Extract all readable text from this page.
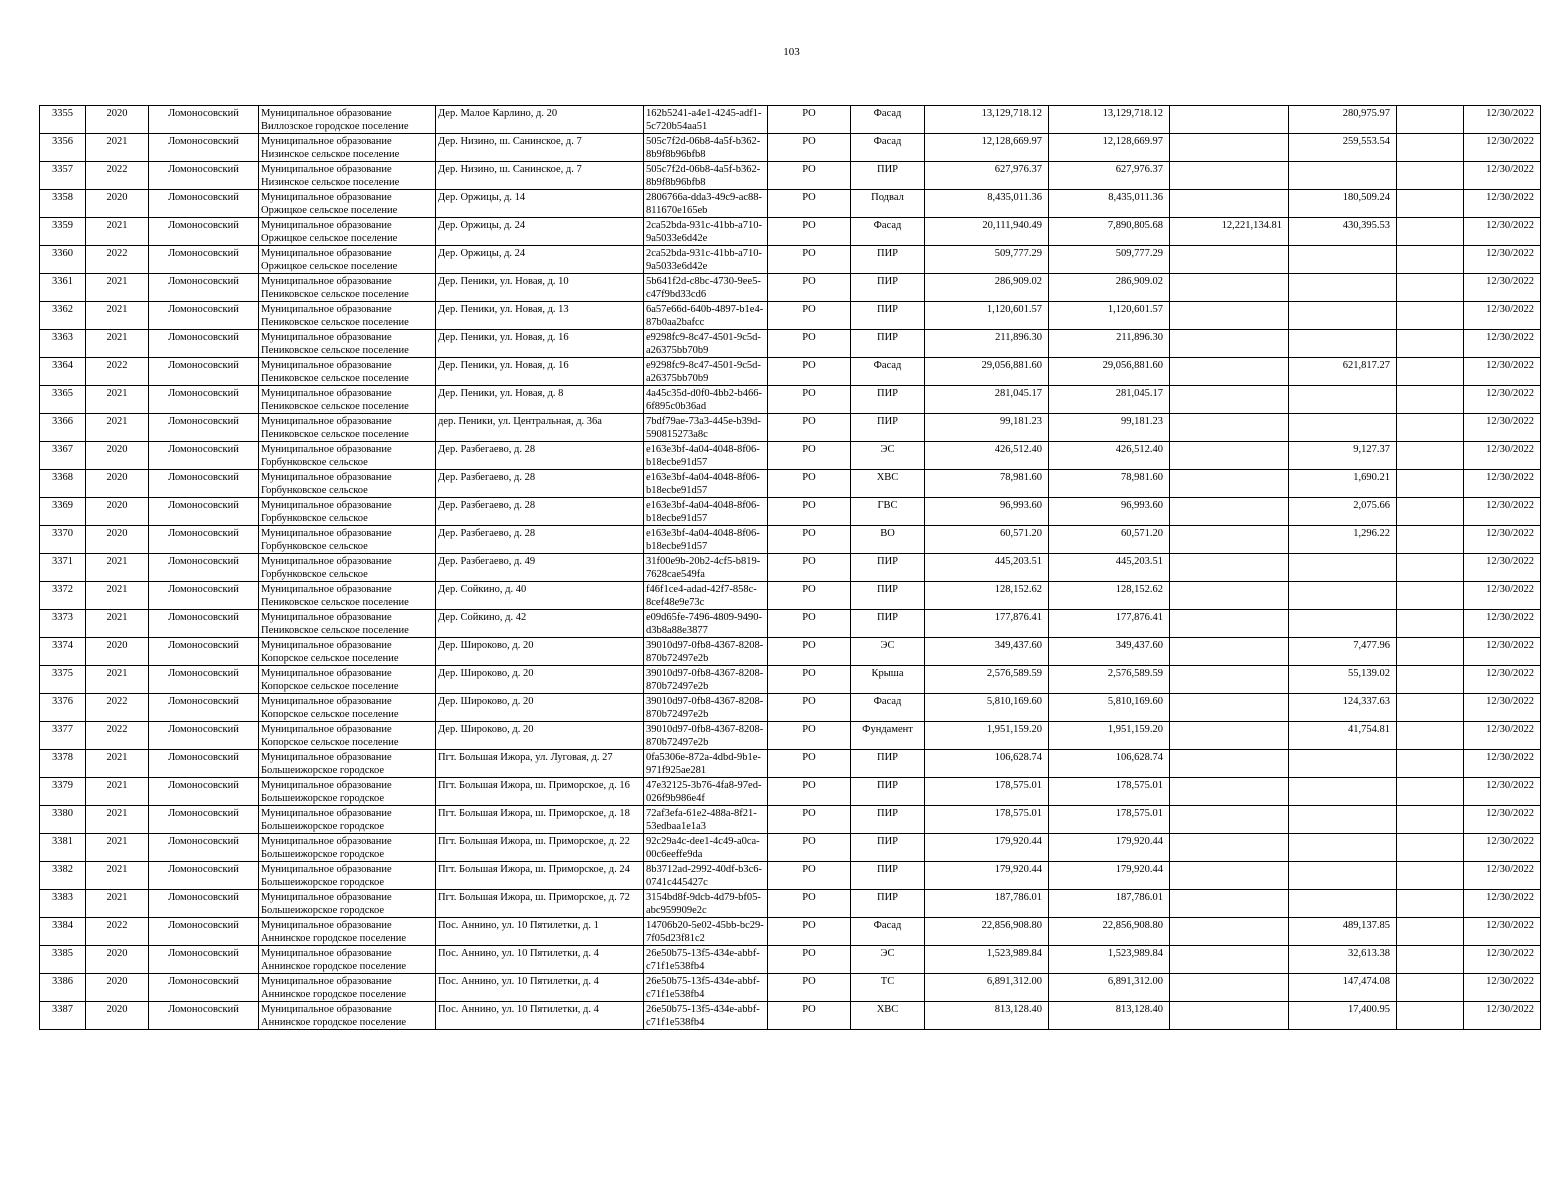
103
3355	2020	Ломоносовский	Муниципальное образование Виллозское городское поселение	Дер. Малое Карлино, д. 20	162b5241-a4e1-4245-adf1-5c720b54aa51	РО	Фасад	13,129,718.12	13,129,718.12		280,975.97		12/30/2022
3356	2021	Ломоносовский	Муниципальное образование Низинское сельское поселение	Дер. Низино, ш. Санинское, д. 7	505c7f2d-06b8-4a5f-b362-8b9f8b96bfb8	РО	Фасад	12,128,669.97	12,128,669.97		259,553.54		12/30/2022
3357	2022	Ломоносовский	Муниципальное образование Низинское сельское поселение	Дер. Низино, ш. Санинское, д. 7	505c7f2d-06b8-4a5f-b362-8b9f8b96bfb8	РО	ПИР	627,976.37	627,976.37				12/30/2022
3358	2020	Ломоносовский	Муниципальное образование Оржицкое сельское поселение	Дер. Оржицы, д. 14	2806766a-dda3-49c9-ac88-811670e165eb	РО	Подвал	8,435,011.36	8,435,011.36		180,509.24		12/30/2022
3359	2021	Ломоносовский	Муниципальное образование Оржицкое сельское поселение	Дер. Оржицы, д. 24	2ca52bda-931c-41bb-a710-9a5033e6d42e	РО	Фасад	20,111,940.49	7,890,805.68	12,221,134.81	430,395.53		12/30/2022
3360	2022	Ломоносовский	Муниципальное образование Оржицкое сельское поселение	Дер. Оржицы, д. 24	2ca52bda-931c-41bb-a710-9a5033e6d42e	РО	ПИР	509,777.29	509,777.29				12/30/2022
3361	2021	Ломоносовский	Муниципальное образование Пениковское сельское поселение	Дер. Пеники, ул. Новая, д. 10	5b641f2d-c8bc-4730-9ee5-c47f9bd33cd6	РО	ПИР	286,909.02	286,909.02				12/30/2022
3362	2021	Ломоносовский	Муниципальное образование Пениковское сельское поселение	Дер. Пеники, ул. Новая, д. 13	6a57e66d-640b-4897-b1e4-87b0aa2bafcc	РО	ПИР	1,120,601.57	1,120,601.57				12/30/2022
3363	2021	Ломоносовский	Муниципальное образование Пениковское сельское поселение	Дер. Пеники, ул. Новая, д. 16	e9298fc9-8c47-4501-9c5d-a26375bb70b9	РО	ПИР	211,896.30	211,896.30				12/30/2022
3364	2022	Ломоносовский	Муниципальное образование Пениковское сельское поселение	Дер. Пеники, ул. Новая, д. 16	e9298fc9-8c47-4501-9c5d-a26375bb70b9	РО	Фасад	29,056,881.60	29,056,881.60		621,817.27		12/30/2022
3365	2021	Ломоносовский	Муниципальное образование Пениковское сельское поселение	Дер. Пеники, ул. Новая, д. 8	4a45c35d-d0f0-4bb2-b466-6f895c0b36ad	РО	ПИР	281,045.17	281,045.17				12/30/2022
3366	2021	Ломоносовский	Муниципальное образование Пениковское сельское поселение	дер. Пеники, ул. Центральная, д. 36а	7bdf79ae-73a3-445e-b39d-590815273a8c	РО	ПИР	99,181.23	99,181.23				12/30/2022
3367	2020	Ломоносовский	Муниципальное образование Горбунковское сельское	Дер. Разбегаево, д. 28	e163e3bf-4a04-4048-8f06-b18ecbe91d57	РО	ЭС	426,512.40	426,512.40		9,127.37		12/30/2022
3368	2020	Ломоносовский	Муниципальное образование Горбунковское сельское	Дер. Разбегаево, д. 28	e163e3bf-4a04-4048-8f06-b18ecbe91d57	РО	ХВС	78,981.60	78,981.60		1,690.21		12/30/2022
3369	2020	Ломоносовский	Муниципальное образование Горбунковское сельское	Дер. Разбегаево, д. 28	e163e3bf-4a04-4048-8f06-b18ecbe91d57	РО	ГВС	96,993.60	96,993.60		2,075.66		12/30/2022
3370	2020	Ломоносовский	Муниципальное образование Горбунковское сельское	Дер. Разбегаево, д. 28	e163e3bf-4a04-4048-8f06-b18ecbe91d57	РО	ВО	60,571.20	60,571.20		1,296.22		12/30/2022
3371	2021	Ломоносовский	Муниципальное образование Горбунковское сельское	Дер. Разбегаево, д. 49	31f00e9b-20b2-4cf5-b819-7628cae549fa	РО	ПИР	445,203.51	445,203.51				12/30/2022
3372	2021	Ломоносовский	Муниципальное образование Пениковское сельское поселение	Дер. Сойкино, д. 40	f46f1ce4-adad-42f7-858c-8cef48e9e73c	РО	ПИР	128,152.62	128,152.62				12/30/2022
3373	2021	Ломоносовский	Муниципальное образование Пениковское сельское поселение	Дер. Сойкино, д. 42	e09d65fe-7496-4809-9490-d3b8a88e3877	РО	ПИР	177,876.41	177,876.41				12/30/2022
3374	2020	Ломоносовский	Муниципальное образование Копорское сельское поселение	Дер. Широково, д. 20	39010d97-0fb8-4367-8208-870b72497e2b	РО	ЭС	349,437.60	349,437.60		7,477.96		12/30/2022
3375	2021	Ломоносовский	Муниципальное образование Копорское сельское поселение	Дер. Широково, д. 20	39010d97-0fb8-4367-8208-870b72497e2b	РО	Крыша	2,576,589.59	2,576,589.59		55,139.02		12/30/2022
3376	2022	Ломоносовский	Муниципальное образование Копорское сельское поселение	Дер. Широково, д. 20	39010d97-0fb8-4367-8208-870b72497e2b	РО	Фасад	5,810,169.60	5,810,169.60		124,337.63		12/30/2022
3377	2022	Ломоносовский	Муниципальное образование Копорское сельское поселение	Дер. Широково, д. 20	39010d97-0fb8-4367-8208-870b72497e2b	РО	Фундамент	1,951,159.20	1,951,159.20		41,754.81		12/30/2022
3378	2021	Ломоносовский	Муниципальное образование Большеижорское городское	Пгт. Большая Ижора, ул. Луговая, д. 27	0fa5306e-872a-4dbd-9b1e-971f925ae281	РО	ПИР	106,628.74	106,628.74				12/30/2022
3379	2021	Ломоносовский	Муниципальное образование Большеижорское городское	Пгт. Большая Ижора, ш. Приморское, д. 16	47e32125-3b76-4fa8-97ed-026f9b986e4f	РО	ПИР	178,575.01	178,575.01				12/30/2022
3380	2021	Ломоносовский	Муниципальное образование Большеижорское городское	Пгт. Большая Ижора, ш. Приморское, д. 18	72af3efa-61e2-488a-8f21-53edbaa1e1a3	РО	ПИР	178,575.01	178,575.01				12/30/2022
3381	2021	Ломоносовский	Муниципальное образование Большеижорское городское	Пгт. Большая Ижора, ш. Приморское, д. 22	92c29a4c-dee1-4c49-a0ca-00c6eeffe9da	РО	ПИР	179,920.44	179,920.44				12/30/2022
3382	2021	Ломоносовский	Муниципальное образование Большеижорское городское	Пгт. Большая Ижора, ш. Приморское, д. 24	8b3712ad-2992-40df-b3c6-0741c445427c	РО	ПИР	179,920.44	179,920.44				12/30/2022
3383	2021	Ломоносовский	Муниципальное образование Большеижорское городское	Пгт. Большая Ижора, ш. Приморское, д. 72	3154bd8f-9dcb-4d79-bf05-abc959909e2c	РО	ПИР	187,786.01	187,786.01				12/30/2022
3384	2022	Ломоносовский	Муниципальное образование Аннинское городское поселение	Пос. Аннино, ул. 10 Пятилетки, д. 1	14706b20-5e02-45bb-bc29-7f05d23f81c2	РО	Фасад	22,856,908.80	22,856,908.80		489,137.85		12/30/2022
3385	2020	Ломоносовский	Муниципальное образование Аннинское городское поселение	Пос. Аннино, ул. 10 Пятилетки, д. 4	26e50b75-13f5-434e-abbf-c71f1e538fb4	РО	ЭС	1,523,989.84	1,523,989.84		32,613.38		12/30/2022
3386	2020	Ломоносовский	Муниципальное образование Аннинское городское поселение	Пос. Аннино, ул. 10 Пятилетки, д. 4	26e50b75-13f5-434e-abbf-c71f1e538fb4	РО	ТС	6,891,312.00	6,891,312.00		147,474.08		12/30/2022
3387	2020	Ломоносовский	Муниципальное образование Аннинское городское поселение	Пос. Аннино, ул. 10 Пятилетки, д. 4	26e50b75-13f5-434e-abbf-c71f1e538fb4	РО	ХВС	813,128.40	813,128.40		17,400.95		12/30/2022
